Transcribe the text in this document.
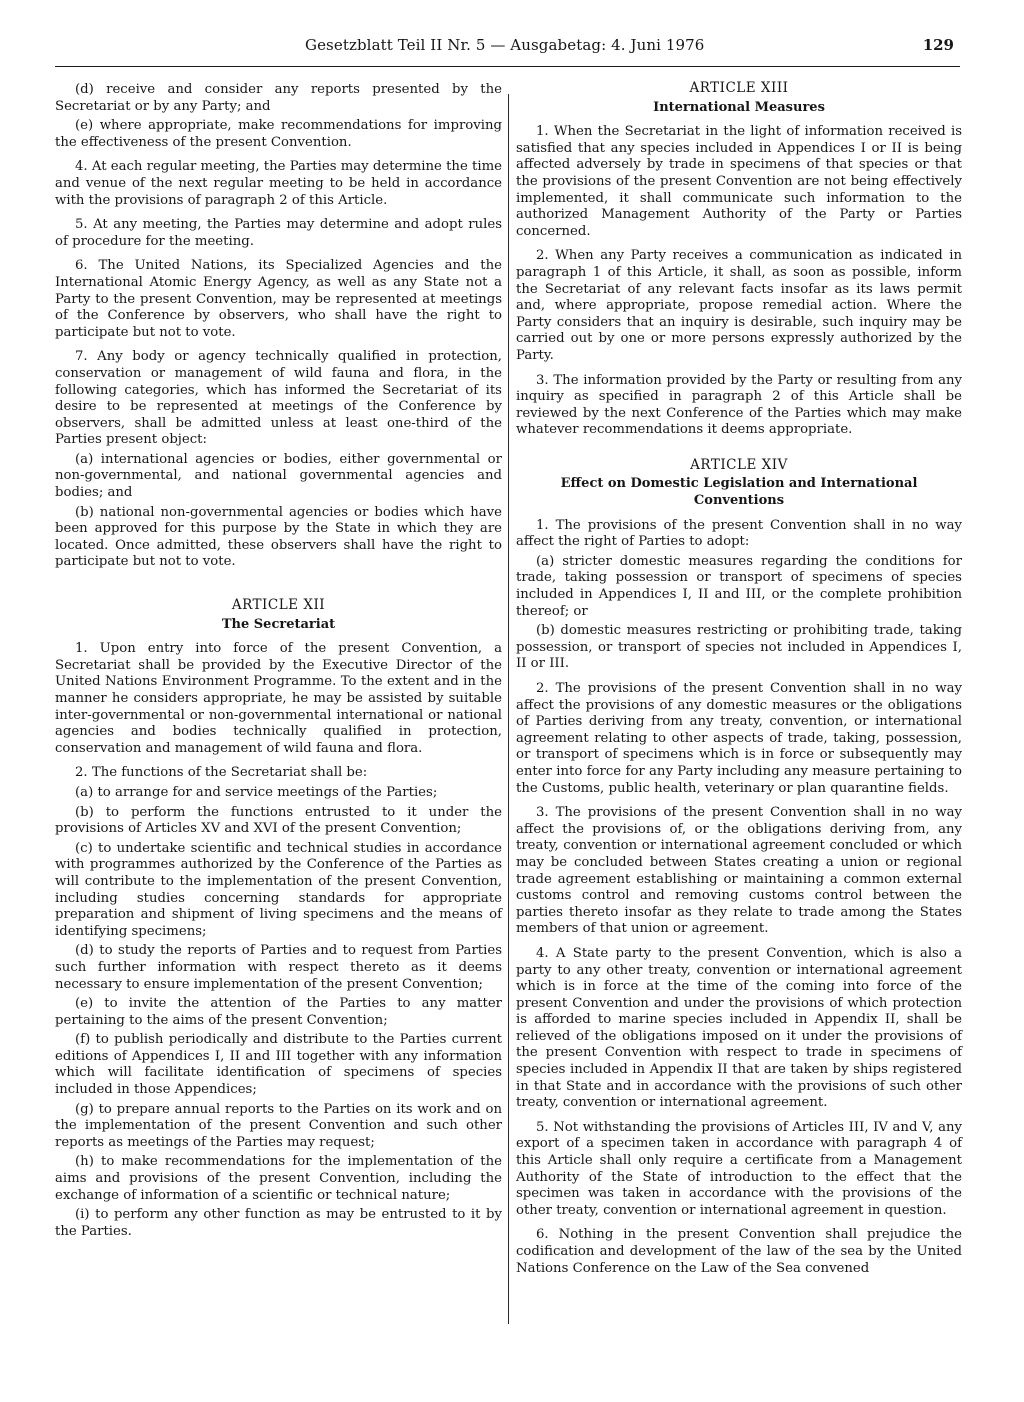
Gesetzblatt Teil II Nr. 5 — Ausgabetag: 4. Juni 1976	129

(d) receive and consider any reports presented by the Secretariat or by any Party; and

(e) where appropriate, make recommendations for improving the effectiveness of the present Convention.

4. At each regular meeting, the Parties may determine the time and venue of the next regular meeting to be held in accordance with the provisions of paragraph 2 of this Article.

5. At any meeting, the Parties may determine and adopt rules of procedure for the meeting.

6. The United Nations, its Specialized Agencies and the International Atomic Energy Agency, as well as any State not a Party to the present Convention, may be represented at meetings of the Conference by observers, who shall have the right to participate but not to vote.

7. Any body or agency technically qualified in protection, conservation or management of wild fauna and flora, in the following categories, which has informed the Secretariat of its desire to be represented at meetings of the Conference by observers, shall be admitted unless at least one-third of the Parties present object:

(a) international agencies or bodies, either governmental or non-governmental, and national governmental agencies and bodies; and

(b) national non-governmental agencies or bodies which have been approved for this purpose by the State in which they are located. Once admitted, these observers shall have the right to participate but not to vote.

ARTICLE XII
The Secretariat

1. Upon entry into force of the present Convention, a Secretariat shall be provided by the Executive Director of the United Nations Environment Programme. To the extent and in the manner he considers appropriate, he may be assisted by suitable inter-governmental or non-governmental international or national agencies and bodies technically qualified in protection, conservation and management of wild fauna and flora.

2. The functions of the Secretariat shall be:

(a) to arrange for and service meetings of the Parties;

(b) to perform the functions entrusted to it under the provisions of Articles XV and XVI of the present Convention;

(c) to undertake scientific and technical studies in accordance with programmes authorized by the Conference of the Parties as will contribute to the implementation of the present Convention, including studies concerning standards for appropriate preparation and shipment of living specimens and the means of identifying specimens;

(d) to study the reports of Parties and to request from Parties such further information with respect thereto as it deems necessary to ensure implementation of the present Convention;

(e) to invite the attention of the Parties to any matter pertaining to the aims of the present Convention;

(f) to publish periodically and distribute to the Parties current editions of Appendices I, II and III together with any information which will facilitate identification of specimens of species included in those Appendices;

(g) to prepare annual reports to the Parties on its work and on the implementation of the present Convention and such other reports as meetings of the Parties may request;

(h) to make recommendations for the implementation of the aims and provisions of the present Convention, including the exchange of information of a scientific or technical nature;

(i) to perform any other function as may be entrusted to it by the Parties.

ARTICLE XIII
International Measures

1. When the Secretariat in the light of information received is satisfied that any species included in Appendices I or II is being affected adversely by trade in specimens of that species or that the provisions of the present Convention are not being effectively implemented, it shall communicate such information to the authorized Management Authority of the Party or Parties concerned.

2. When any Party receives a communication as indicated in paragraph 1 of this Article, it shall, as soon as possible, inform the Secretariat of any relevant facts insofar as its laws permit and, where appropriate, propose remedial action. Where the Party considers that an inquiry is desirable, such inquiry may be carried out by one or more persons expressly authorized by the Party.

3. The information provided by the Party or resulting from any inquiry as specified in paragraph 2 of this Article shall be reviewed by the next Conference of the Parties which may make whatever recommendations it deems appropriate.

ARTICLE XIV
Effect on Domestic Legislation and International Conventions

1. The provisions of the present Convention shall in no way affect the right of Parties to adopt:

(a) stricter domestic measures regarding the conditions for trade, taking possession or transport of specimens of species included in Appendices I, II and III, or the complete prohibition thereof; or

(b) domestic measures restricting or prohibiting trade, taking possession, or transport of species not included in Appendices I, II or III.

2. The provisions of the present Convention shall in no way affect the provisions of any domestic measures or the obligations of Parties deriving from any treaty, convention, or international agreement relating to other aspects of trade, taking, possession, or transport of specimens which is in force or subsequently may enter into force for any Party including any measure pertaining to the Customs, public health, veterinary or plan quarantine fields.

3. The provisions of the present Convention shall in no way affect the provisions of, or the obligations deriving from, any treaty, convention or international agreement concluded or which may be concluded between States creating a union or regional trade agreement establishing or maintaining a common external customs control and removing customs control between the parties thereto insofar as they relate to trade among the States members of that union or agreement.

4. A State party to the present Convention, which is also a party to any other treaty, convention or international agreement which is in force at the time of the coming into force of the present Convention and under the provisions of which protection is afforded to marine species included in Appendix II, shall be relieved of the obligations imposed on it under the provisions of the present Convention with respect to trade in specimens of species included in Appendix II that are taken by ships registered in that State and in accordance with the provisions of such other treaty, convention or international agreement.

5. Not withstanding the provisions of Articles III, IV and V, any export of a specimen taken in accordance with paragraph 4 of this Article shall only require a certificate from a Management Authority of the State of introduction to the effect that the specimen was taken in accordance with the provisions of the other treaty, convention or international agreement in question.

6. Nothing in the present Convention shall prejudice the codification and development of the law of the sea by the United Nations Conference on the Law of the Sea convened
